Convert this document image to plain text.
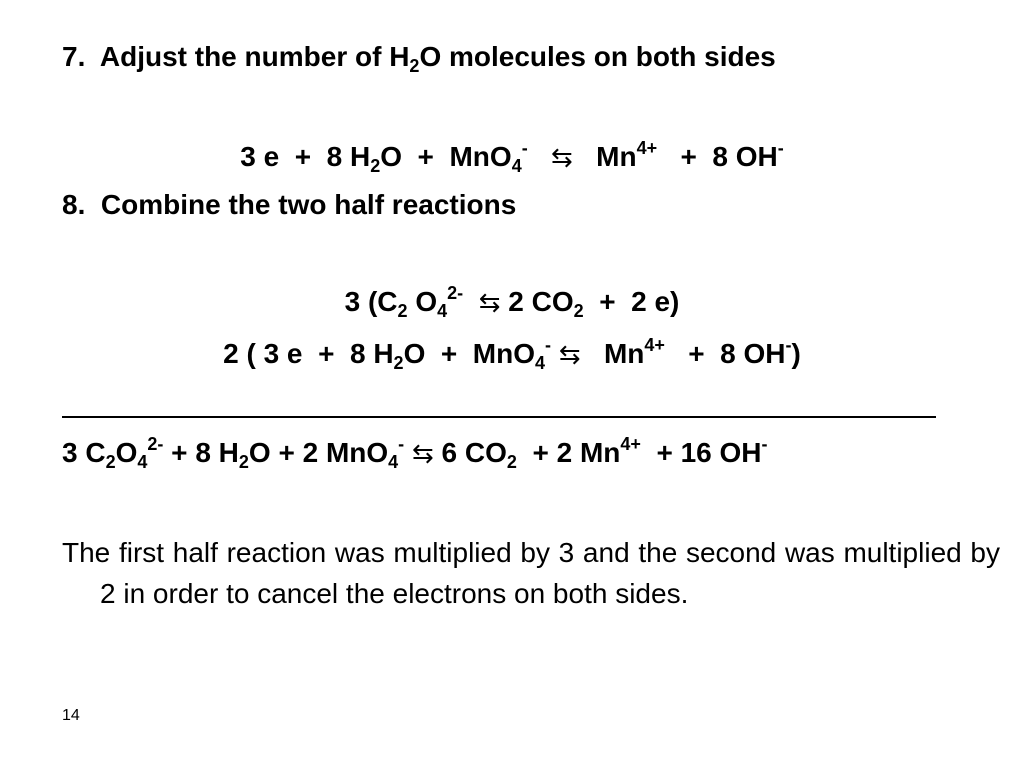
7.  Adjust the number of $H_2O$ molecules on both sides
3 e  +  8 $H_2O + MnO_4^-$ ⇆   $Mn^{4+} + 8$ OH-
8.  Combine the two half reactions
3 ($C_2$ $O_4^{2-}$ ⇆ 2 $CO_2 + 2$ e)
2 ( 3 e  +  8 $H_2O + MnO_4^-$ ⇆   $Mn^{4+} + 8$ OH-)
3 $C_2O_4^{2-} + 8$ $H_2O + 2$ MnO$_4$- ⇆ 6 $CO_2 + 2$ $Mn^{4+} + 16$ OH-
The first half reaction was multiplied by 3 and the second was multiplied by 2 in order to cancel the electrons on both sides.
14
